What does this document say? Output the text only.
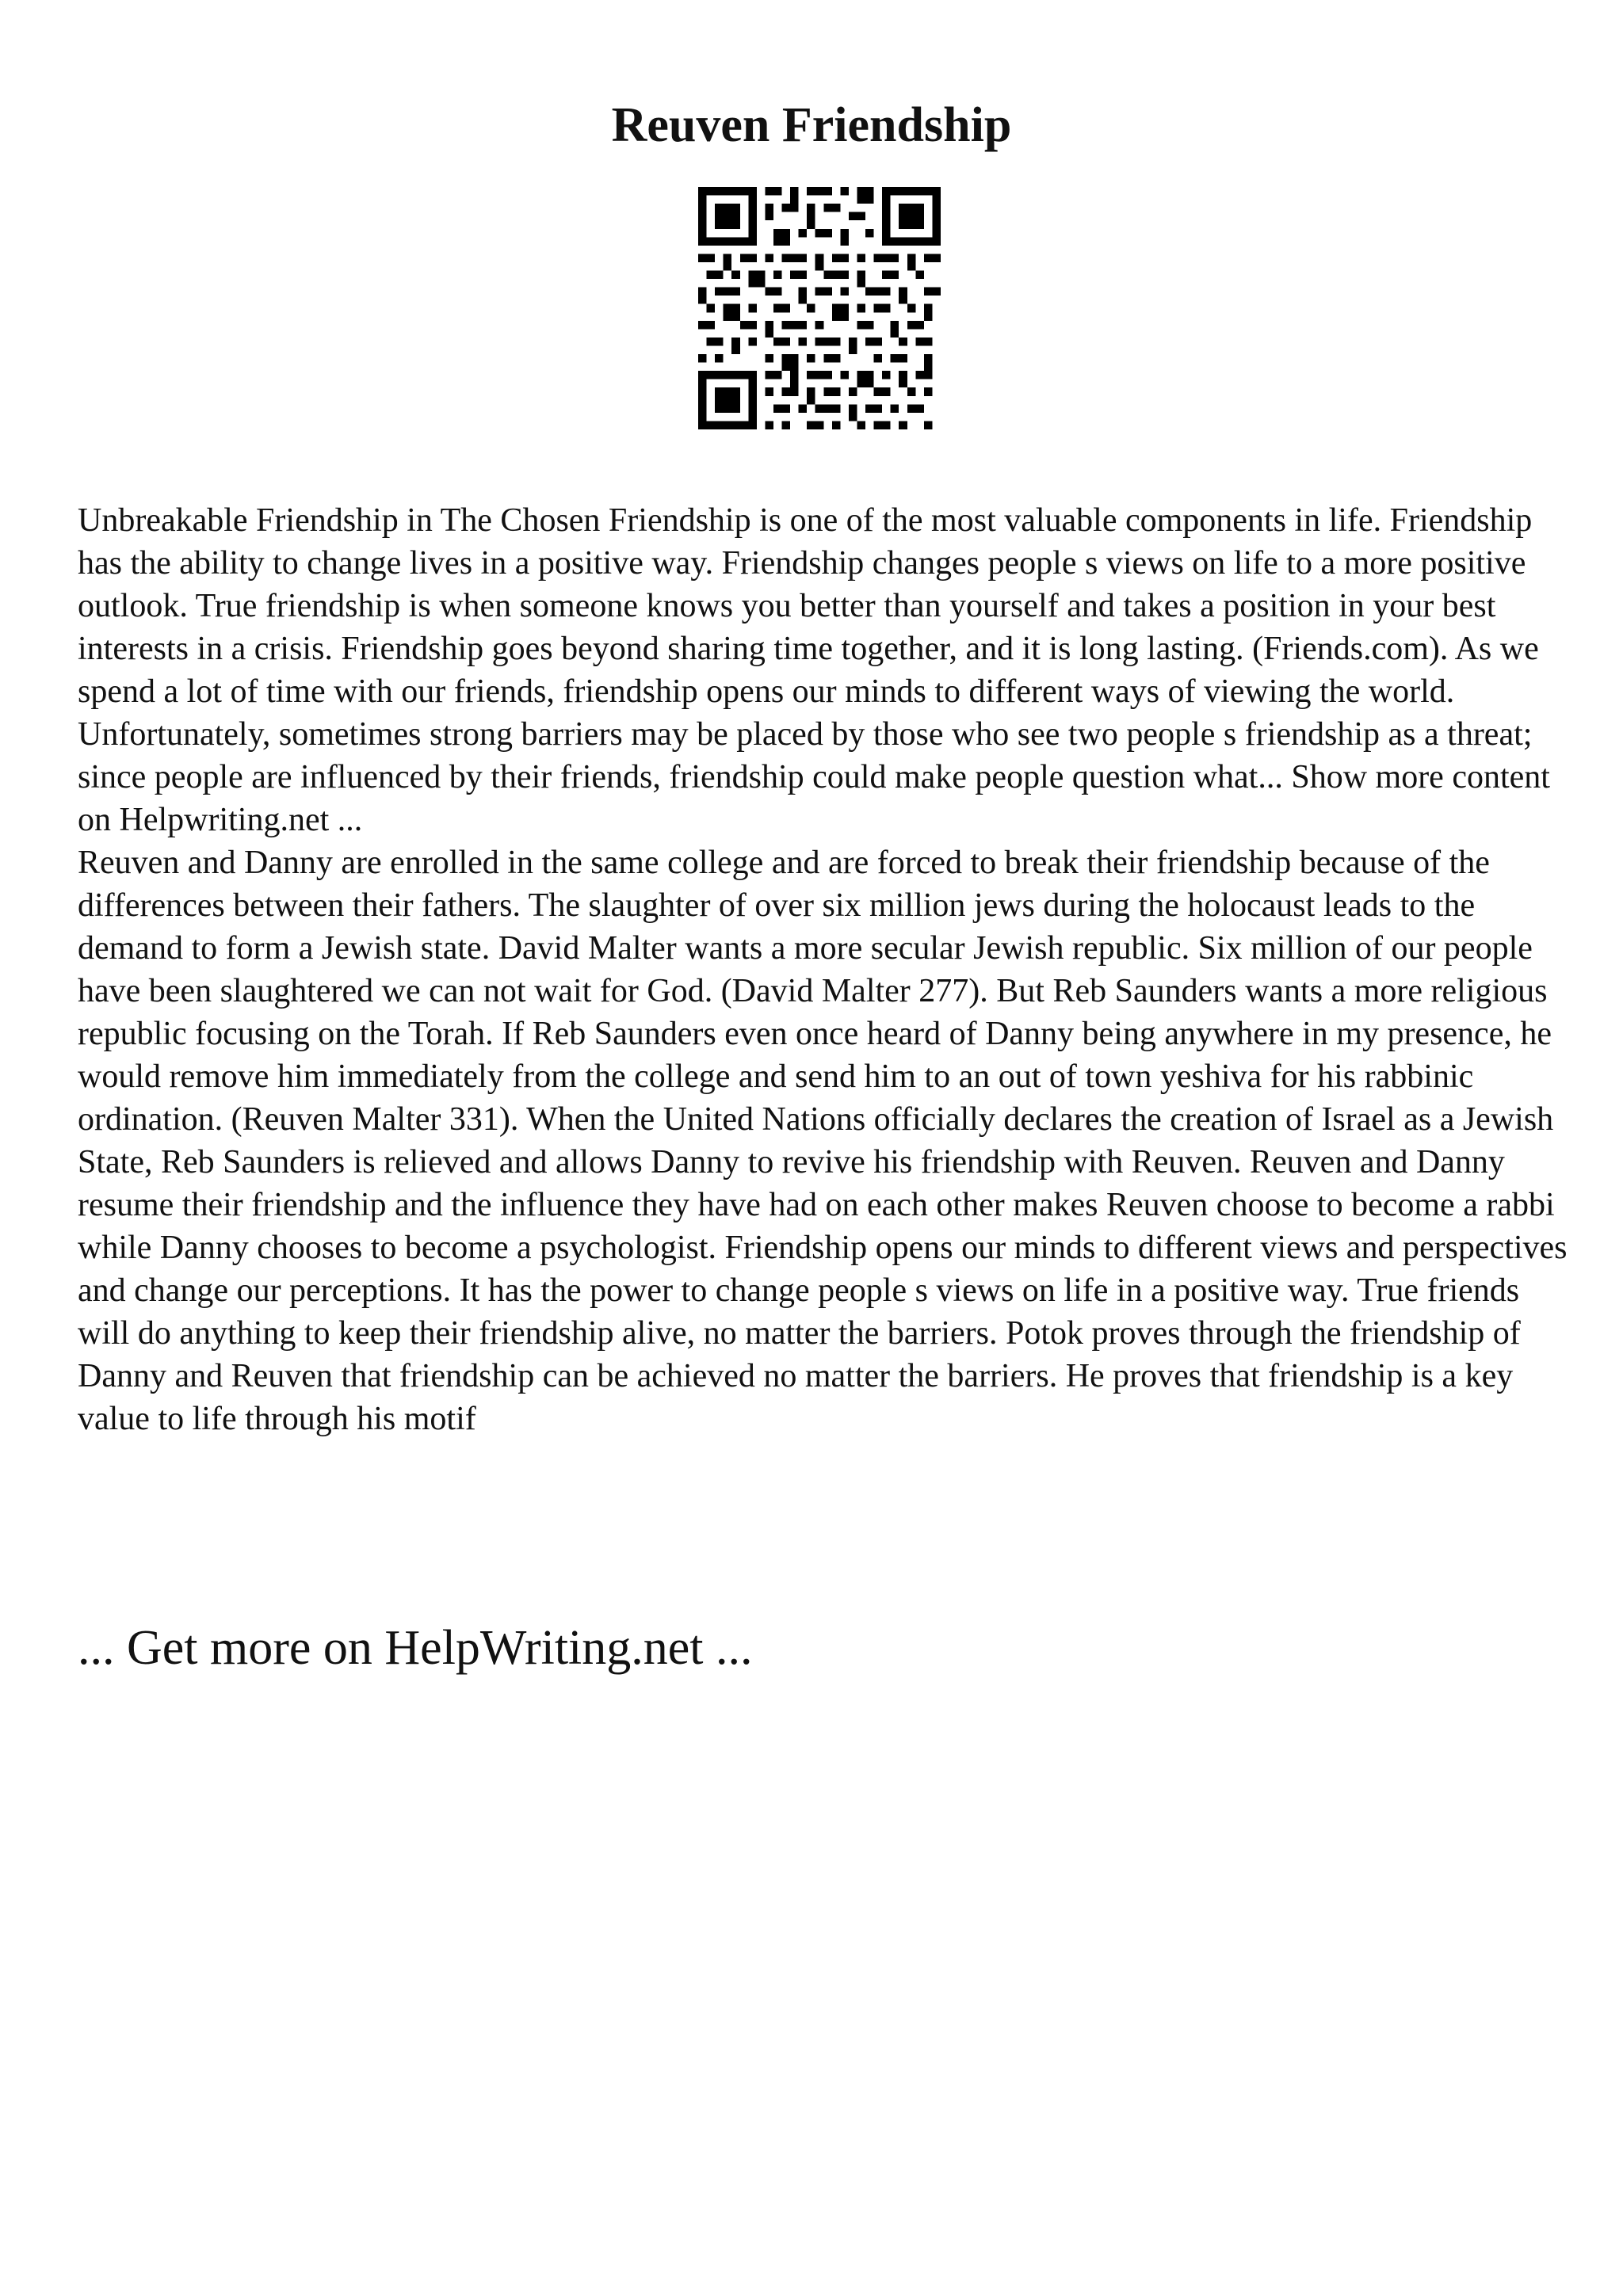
Reuven Friendship

Unbreakable Friendship in The Chosen Friendship is one of the most valuable components in life. Friendship has the ability to change lives in a positive way. Friendship changes people s views on life to a more positive outlook. True friendship is when someone knows you better than yourself and takes a position in your best interests in a crisis. Friendship goes beyond sharing time together, and it is long lasting. (Friends.com). As we spend a lot of time with our friends, friendship opens our minds to different ways of viewing the world. Unfortunately, sometimes strong barriers may be placed by those who see two people s friendship as a threat; since people are influenced by their friends, friendship could make people question what... Show more content on Helpwriting.net ...

Reuven and Danny are enrolled in the same college and are forced to break their friendship because of the differences between their fathers. The slaughter of over six million jews during the holocaust leads to the demand to form a Jewish state. David Malter wants a more secular Jewish republic. Six million of our people have been slaughtered we can not wait for God. (David Malter 277). But Reb Saunders wants a more religious republic focusing on the Torah. If Reb Saunders even once heard of Danny being anywhere in my presence, he would remove him immediately from the college and send him to an out of town yeshiva for his rabbinic ordination. (Reuven Malter 331). When the United Nations officially declares the creation of Israel as a Jewish State, Reb Saunders is relieved and allows Danny to revive his friendship with Reuven. Reuven and Danny resume their friendship and the influence they have had on each other makes Reuven choose to become a rabbi while Danny chooses to become a psychologist. Friendship opens our minds to different views and perspectives and change our perceptions. It has the power to change people s views on life in a positive way. True friends will do anything to keep their friendship alive, no matter the barriers. Potok proves through the friendship of Danny and Reuven that friendship can be achieved no matter the barriers. He proves that friendship is a key value to life through his motif

... Get more on HelpWriting.net ...
